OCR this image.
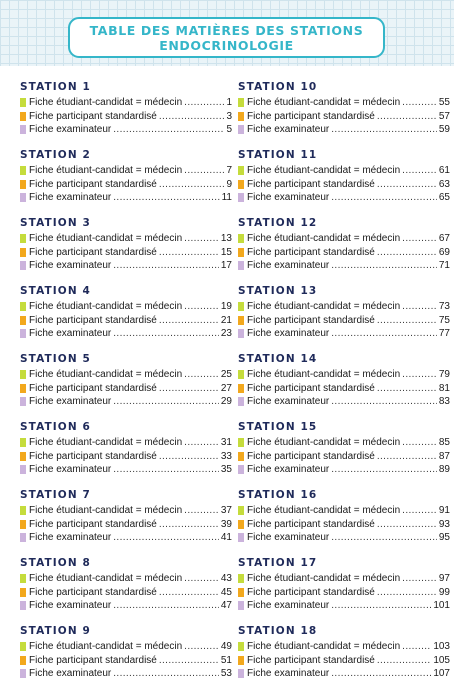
TABLE DES MATIÈRES DES STATIONS
ENDOCRINOLOGIE
STATION 1
Fiche étudiant-candidat = médecin . . .	1
Fiche participant standardisé . . .	3
Fiche examinateur . . .	5
STATION 2
Fiche étudiant-candidat = médecin . . .	7
Fiche participant standardisé . . .	9
Fiche examinateur . . .	11
STATION 3
Fiche étudiant-candidat = médecin . . .	13
Fiche participant standardisé . . .	15
Fiche examinateur . . .	17
STATION 4
Fiche étudiant-candidat = médecin . . .	19
Fiche participant standardisé . . .	21
Fiche examinateur . . .	23
STATION 5
Fiche étudiant-candidat = médecin . . .	25
Fiche participant standardisé . . .	27
Fiche examinateur . . .	29
STATION 6
Fiche étudiant-candidat = médecin . . .	31
Fiche participant standardisé . . .	33
Fiche examinateur . . .	35
STATION 7
Fiche étudiant-candidat = médecin . . .	37
Fiche participant standardisé . . .	39
Fiche examinateur . . .	41
STATION 8
Fiche étudiant-candidat = médecin . . .	43
Fiche participant standardisé . . .	45
Fiche examinateur . . .	47
STATION 9
Fiche étudiant-candidat = médecin . . .	49
Fiche participant standardisé . . .	51
Fiche examinateur . . .	53
STATION 10
Fiche étudiant-candidat = médecin . . .	55
Fiche participant standardisé . . .	57
Fiche examinateur . . .	59
STATION 11
Fiche étudiant-candidat = médecin . . .	61
Fiche participant standardisé . . .	63
Fiche examinateur . . .	65
STATION 12
Fiche étudiant-candidat = médecin . . .	67
Fiche participant standardisé . . .	69
Fiche examinateur . . .	71
STATION 13
Fiche étudiant-candidat = médecin . . .	73
Fiche participant standardisé . . .	75
Fiche examinateur . . .	77
STATION 14
Fiche étudiant-candidat = médecin . . .	79
Fiche participant standardisé . . .	81
Fiche examinateur . . .	83
STATION 15
Fiche étudiant-candidat = médecin . . .	85
Fiche participant standardisé . . .	87
Fiche examinateur . . .	89
STATION 16
Fiche étudiant-candidat = médecin . . .	91
Fiche participant standardisé . . .	93
Fiche examinateur . . .	95
STATION 17
Fiche étudiant-candidat = médecin . . .	97
Fiche participant standardisé . . .	99
Fiche examinateur . . .	101
STATION 18
Fiche étudiant-candidat = médecin . . .	103
Fiche participant standardisé . . .	105
Fiche examinateur . . .	107
